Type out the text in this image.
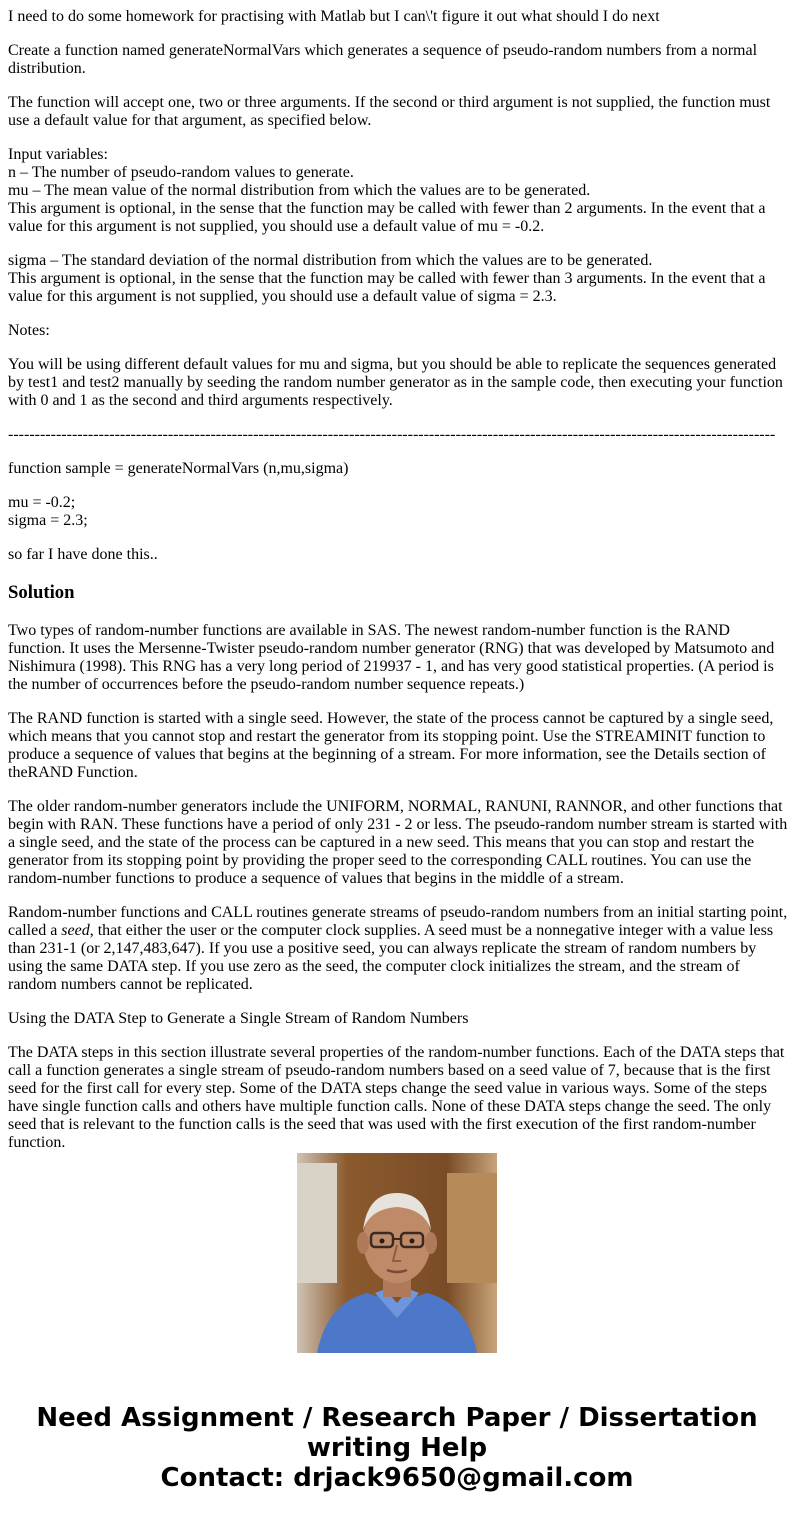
I need to do some homework for practising with Matlab but I can\'t figure it out what should I do next

Create a function named generateNormalVars which generates a sequence of pseudo-random numbers from a normal distribution.

The function will accept one, two or three arguments. If the second or third argument is not supplied, the function must use a default value for that argument, as specified below.

Input variables:
n – The number of pseudo-random values to generate.
mu – The mean value of the normal distribution from which the values are to be generated.
This argument is optional, in the sense that the function may be called with fewer than 2 arguments. In the event that a value for this argument is not supplied, you should use a default value of mu = -0.2.

sigma – The standard deviation of the normal distribution from which the values are to be generated.
This argument is optional, in the sense that the function may be called with fewer than 3 arguments. In the event that a value for this argument is not supplied, you should use a default value of sigma = 2.3.

Notes:

You will be using different default values for mu and sigma, but you should be able to replicate the sequences generated by test1 and test2 manually by seeding the random number generator as in the sample code, then executing your function with 0 and 1 as the second and third arguments respectively.

------------------------------------------------------------------------------------------------------------------------------------------------

function sample = generateNormalVars (n,mu,sigma)

mu = -0.2;
sigma = 2.3;

so far I have done this..

Solution

Two types of random-number functions are available in SAS. The newest random-number function is the RAND function. It uses the Mersenne-Twister pseudo-random number generator (RNG) that was developed by Matsumoto and Nishimura (1998). This RNG has a very long period of 219937 - 1, and has very good statistical properties. (A period is the number of occurrences before the pseudo-random number sequence repeats.)

The RAND function is started with a single seed. However, the state of the process cannot be captured by a single seed, which means that you cannot stop and restart the generator from its stopping point. Use the STREAMINIT function to produce a sequence of values that begins at the beginning of a stream. For more information, see the Details section of theRAND Function.

The older random-number generators include the UNIFORM, NORMAL, RANUNI, RANNOR, and other functions that begin with RAN. These functions have a period of only 231 - 2 or less. The pseudo-random number stream is started with a single seed, and the state of the process can be captured in a new seed. This means that you can stop and restart the generator from its stopping point by providing the proper seed to the corresponding CALL routines. You can use the random-number functions to produce a sequence of values that begins in the middle of a stream.

Random-number functions and CALL routines generate streams of pseudo-random numbers from an initial starting point, called a seed, that either the user or the computer clock supplies. A seed must be a nonnegative integer with a value less than 231-1 (or 2,147,483,647). If you use a positive seed, you can always replicate the stream of random numbers by using the same DATA step. If you use zero as the seed, the computer clock initializes the stream, and the stream of random numbers cannot be replicated.

Using the DATA Step to Generate a Single Stream of Random Numbers

The DATA steps in this section illustrate several properties of the random-number functions. Each of the DATA steps that call a function generates a single stream of pseudo-random numbers based on a seed value of 7, because that is the first seed for the first call for every step. Some of the DATA steps change the seed value in various ways. Some of the steps have single function calls and others have multiple function calls. None of these DATA steps change the seed. The only seed that is relevant to the function calls is the seed that was used with the first execution of the first random-number function.

Need Assignment / Research Paper / Dissertation
writing Help
Contact: drjack9650@gmail.com
